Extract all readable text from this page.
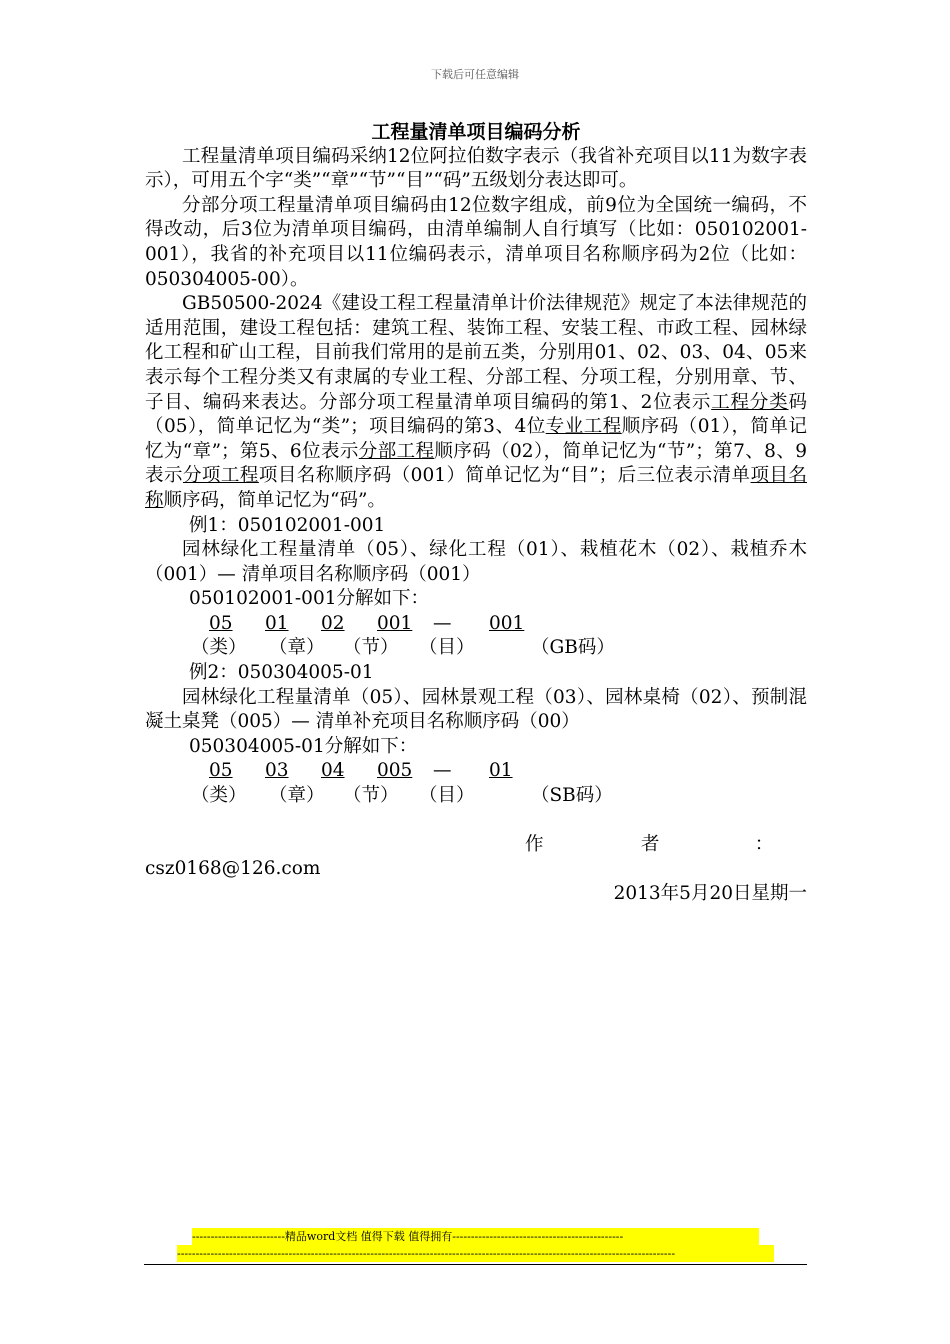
下载后可任意编辑
工程量清单项目编码分析

工程量清单项目编码采纳12位阿拉伯数字表示（我省补充项目以11为数字表示），可用五个字“类”“章”“节”“目”“码”五级划分表达即可。

分部分项工程量清单项目编码由12位数字组成，前9位为全国统一编码，不得改动，后3位为清单项目编码，由清单编制人自行填写（比如：050102001-001），我省的补充项目以11位编码表示，清单项目名称顺序码为2位（比如：050304005-00）。

GB50500-2024《建设工程工程量清单计价法律规范》规定了本法律规范的适用范围，建设工程包括：建筑工程、装饰工程、安装工程、市政工程、园林绿化工程和矿山工程，目前我们常用的是前五类，分别用01、02、03、04、05来表示每个工程分类又有隶属的专业工程、分部工程、分项工程，分别用章、节、子目、编码来表达。分部分项工程量清单项目编码的第1、2位表示工程分类码（05），简单记忆为“类”；项目编码的第3、4位专业工程顺序码（01），简单记忆为“章”；第5、6位表示分部工程顺序码（02），简单记忆为“节”；第7、8、9表示分项工程项目名称顺序码（001）简单记忆为“目”；后三位表示清单项目名称顺序码，简单记忆为“码”。

例1：050102001-001

园林绿化工程量清单（05）、绿化工程（01）、栽植花木（02）、栽植乔木（001）— 清单项目名称顺序码（001）

050102001-001分解如下：

05	01	02	001	—	001
（类）	（章） （节）	（目）	（GB码）

例2：050304005-01

园林绿化工程量清单（05）、园林景观工程（03）、园林桌椅（02）、预制混凝土桌凳（005）— 清单补充项目名称顺序码（00）

050304005-01分解如下：

05	03	04	005	—	01
（类）	（章） （节）	（目）	（SB码）
作	者	：

csz0168@126.com

2013年5月20日星期一

-------------------------精品word文档 值得下载 值得拥有----------------------------------------------
--------------------------------------------------------------------------------------------------------------------------------------
